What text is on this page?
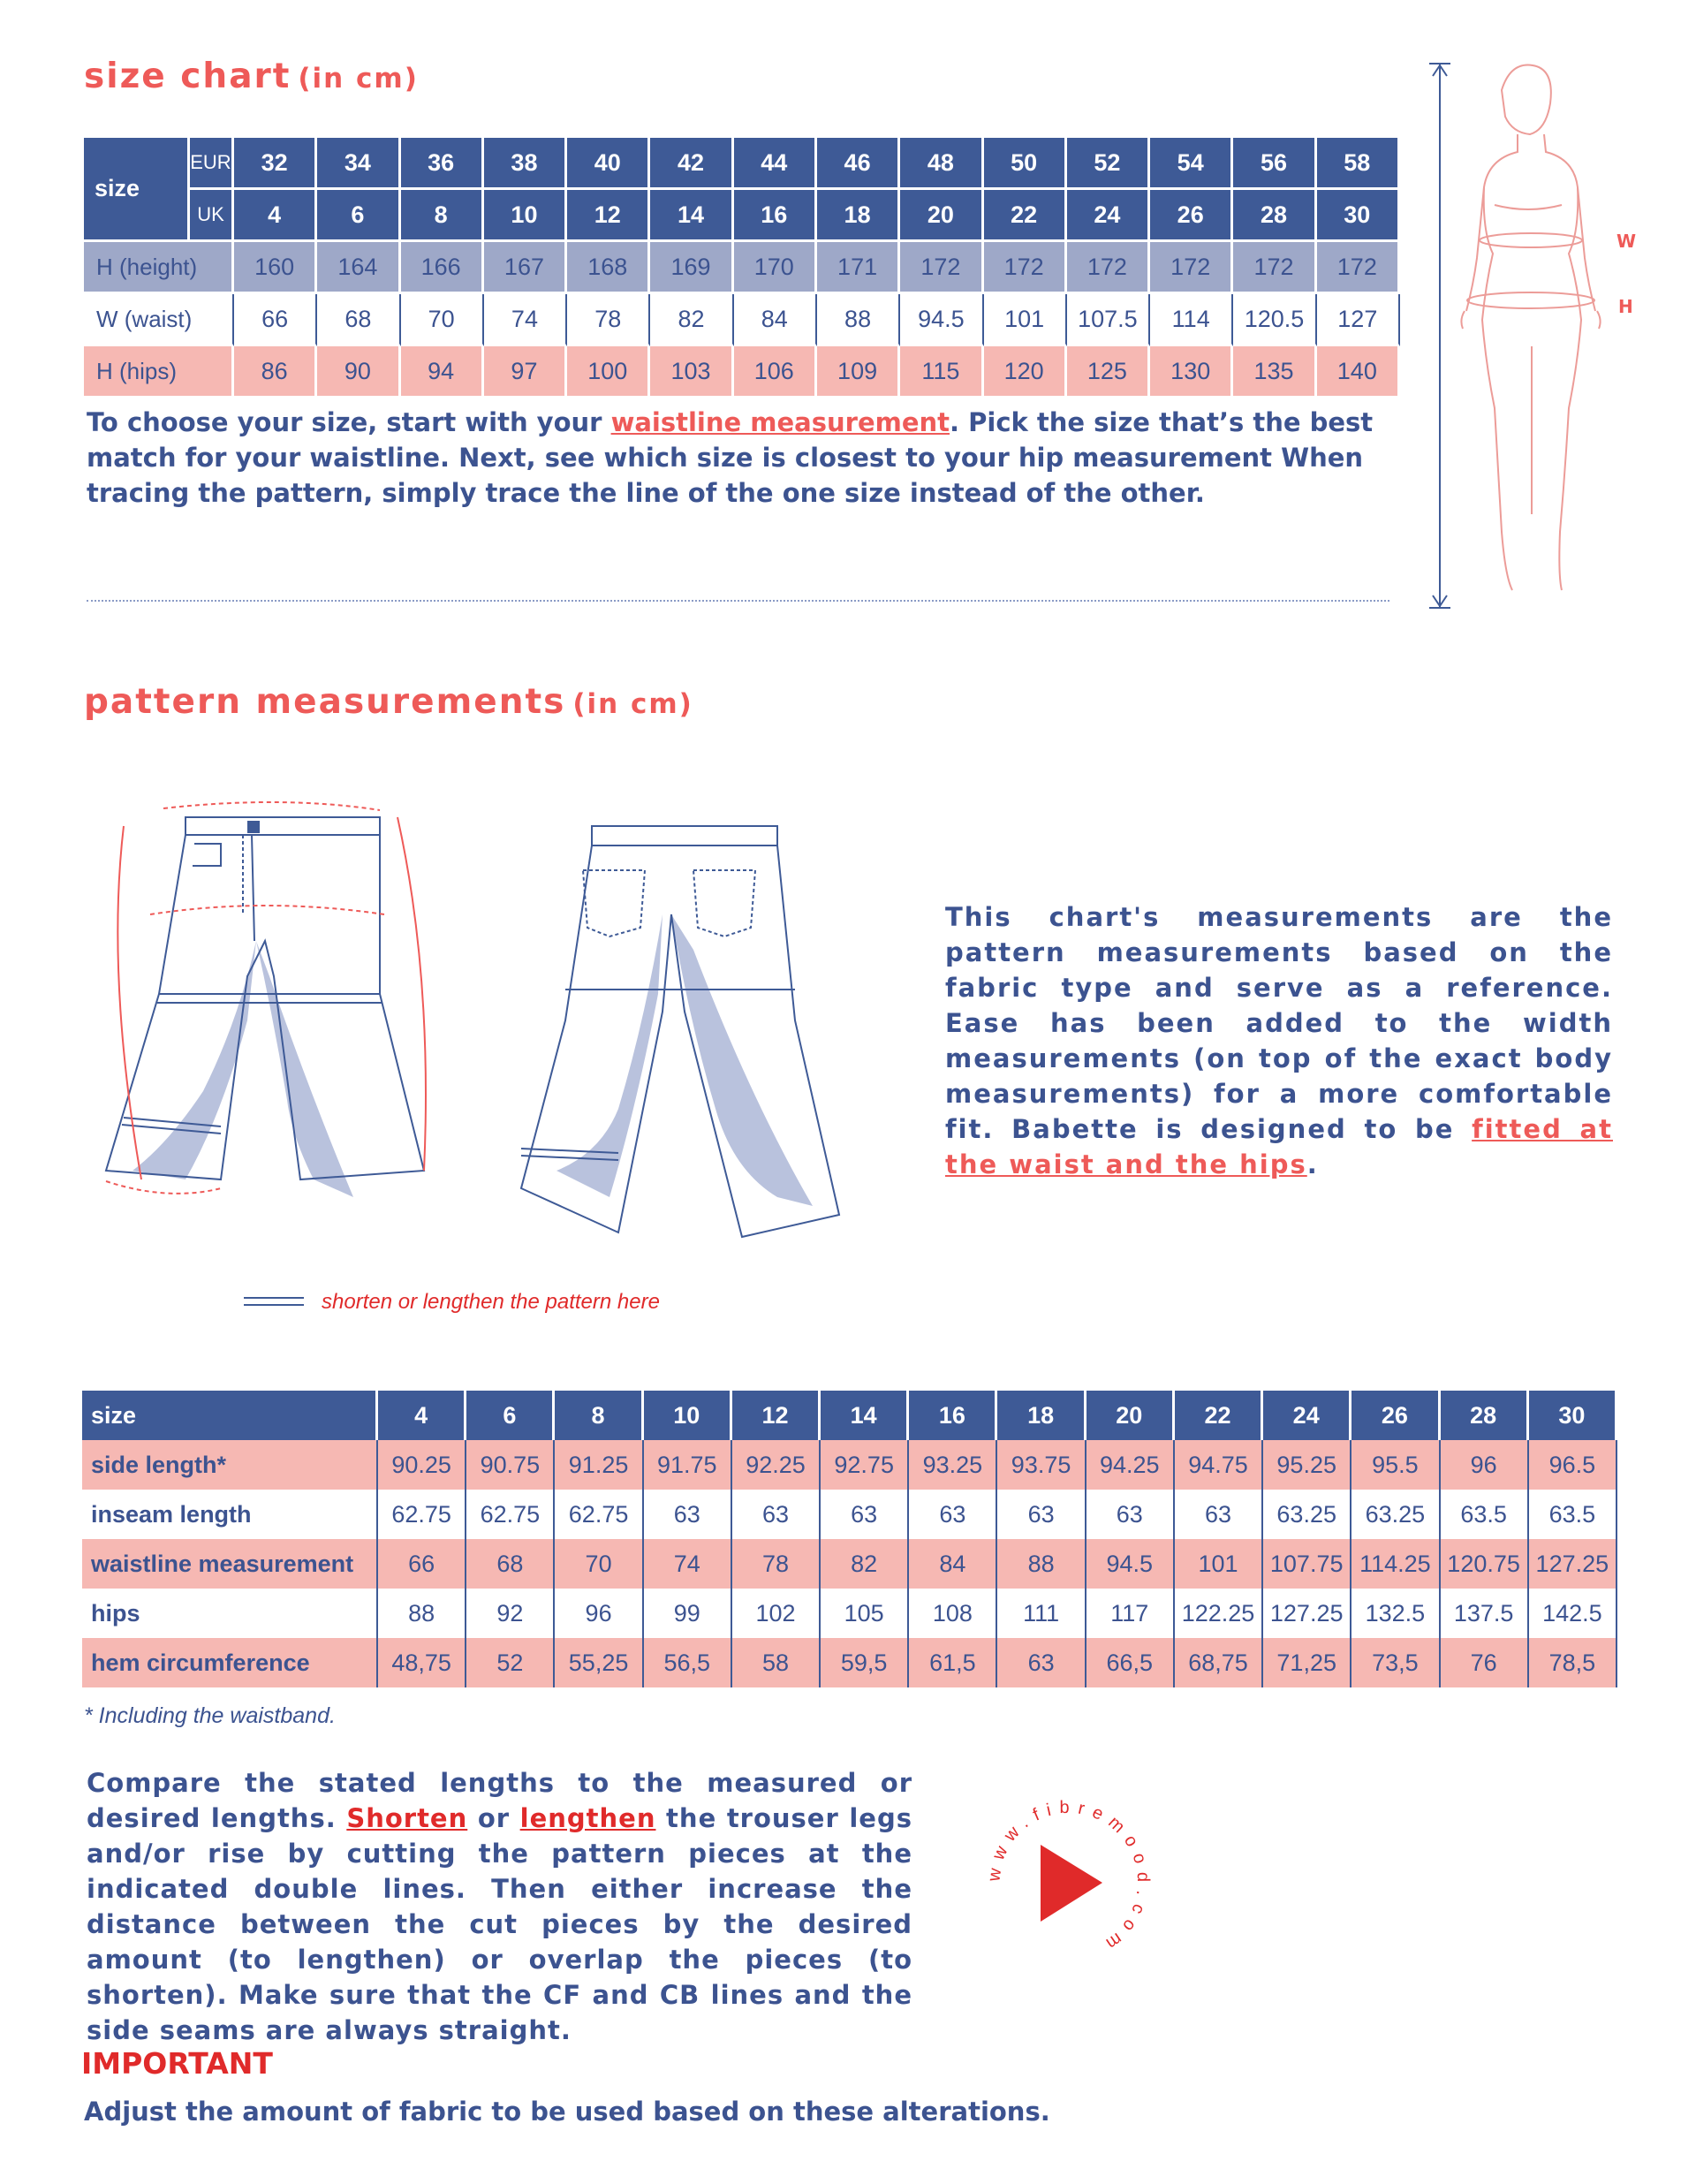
size chart (in cm)
size	EUR	32	34	36	38	40	42	44	46	48	50	52	54	56	58
	UK	4	6	8	10	12	14	16	18	20	22	24	26	28	30
H (height)		160	164	166	167	168	169	170	171	172	172	172	172	172	172
W (waist)		66	68	70	74	78	82	84	88	94.5	101	107.5	114	120.5	127
H (hips)		86	90	94	97	100	103	106	109	115	120	125	130	135	140
To choose your size, start with your waistline measurement. Pick the size that’s the best match for your waistline. Next, see which size is closest to your hip measurement When tracing the pattern, simply trace the line of the one size instead of the other.
W
H
pattern measurements (in cm)
This chart's measurements are the pattern measurements based on the fabric type and serve as a reference. Ease has been added to the width measurements (on top of the exact body measurements) for a more comfortable fit. Babette is designed to be fitted at the waist and the hips.
shorten or lengthen the pattern here
size	4	6	8	10	12	14	16	18	20	22	24	26	28	30
side length*	90.25	90.75	91.25	91.75	92.25	92.75	93.25	93.75	94.25	94.75	95.25	95.5	96	96.5
inseam length	62.75	62.75	62.75	63	63	63	63	63	63	63	63.25	63.25	63.5	63.5
waistline measurement	66	68	70	74	78	82	84	88	94.5	101	107.75	114.25	120.75	127.25
hips	88	92	96	99	102	105	108	111	117	122.25	127.25	132.5	137.5	142.5
hem circumference	48,75	52	55,25	56,5	58	59,5	61,5	63	66,5	68,75	71,25	73,5	76	78,5
* Including the waistband.
Compare the stated lengths to the measured or desired lengths. Shorten or lengthen the trouser legs and/or rise by cutting the pattern pieces at the indicated double lines. Then either increase the distance between the cut pieces by the desired amount (to lengthen) or overlap the pieces (to shorten). Make sure that the CF and CB lines and the side seams are always straight.
www.fibremood.com
IMPORTANT
Adjust the amount of fabric to be used based on these alterations.
